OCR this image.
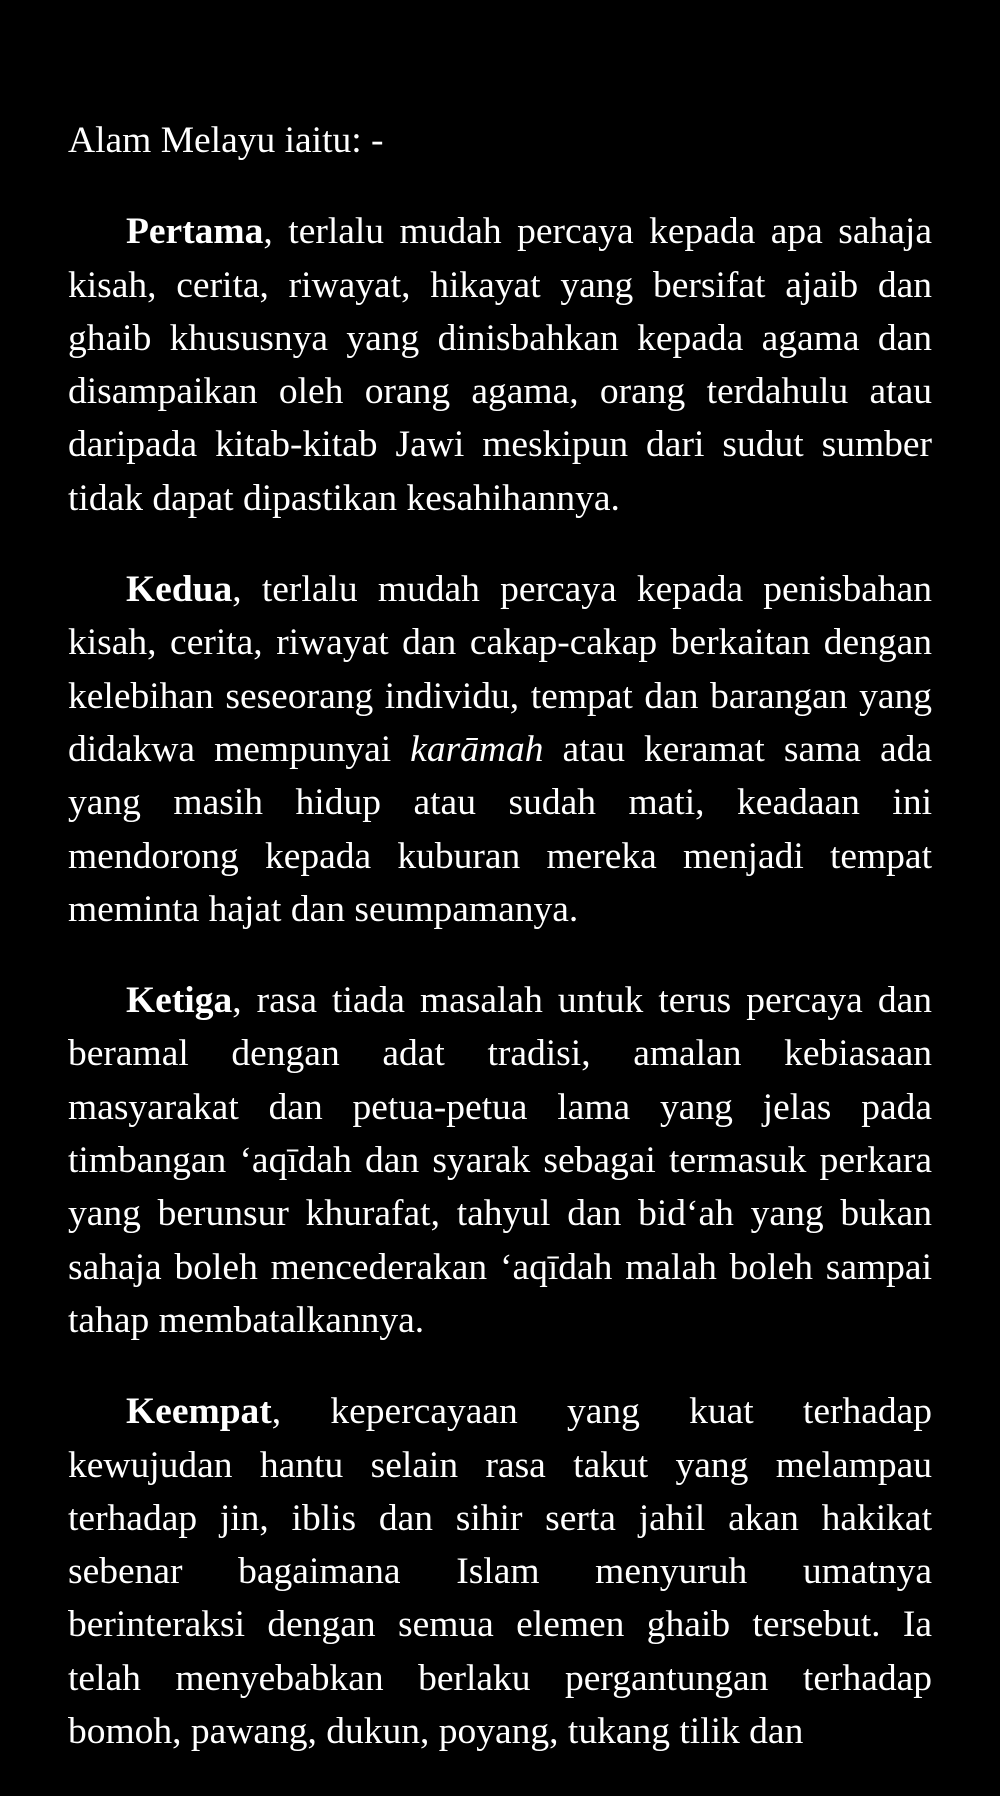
Alam Melayu iaitu: -

Pertama, terlalu mudah percaya kepada apa sahaja kisah, cerita, riwayat, hikayat yang bersifat ajaib dan ghaib khususnya yang dinisbahkan kepada agama dan disampaikan oleh orang agama, orang terdahulu atau daripada kitab-kitab Jawi meskipun dari sudut sumber tidak dapat dipastikan kesahihannya.

Kedua, terlalu mudah percaya kepada penisbahan kisah, cerita, riwayat dan cakap-cakap berkaitan dengan kelebihan seseorang individu, tempat dan barangan yang didakwa mempunyai karāmah atau keramat sama ada yang masih hidup atau sudah mati, keadaan ini mendorong kepada kuburan mereka menjadi tempat meminta hajat dan seumpamanya.

Ketiga, rasa tiada masalah untuk terus percaya dan beramal dengan adat tradisi, amalan kebiasaan masyarakat dan petua-petua lama yang jelas pada timbangan ‘aqīdah dan syarak sebagai termasuk perkara yang berunsur khurafat, tahyul dan bid‘ah yang bukan sahaja boleh mencederakan ‘aqīdah malah boleh sampai tahap membatalkannya.

Keempat, kepercayaan yang kuat terhadap kewujudan hantu selain rasa takut yang melampau terhadap jin, iblis dan sihir serta jahil akan hakikat sebenar bagaimana Islam menyuruh umatnya berinteraksi dengan semua elemen ghaib tersebut. Ia telah menyebabkan berlaku pergantungan terhadap bomoh, pawang, dukun, poyang, tukang tilik dan
